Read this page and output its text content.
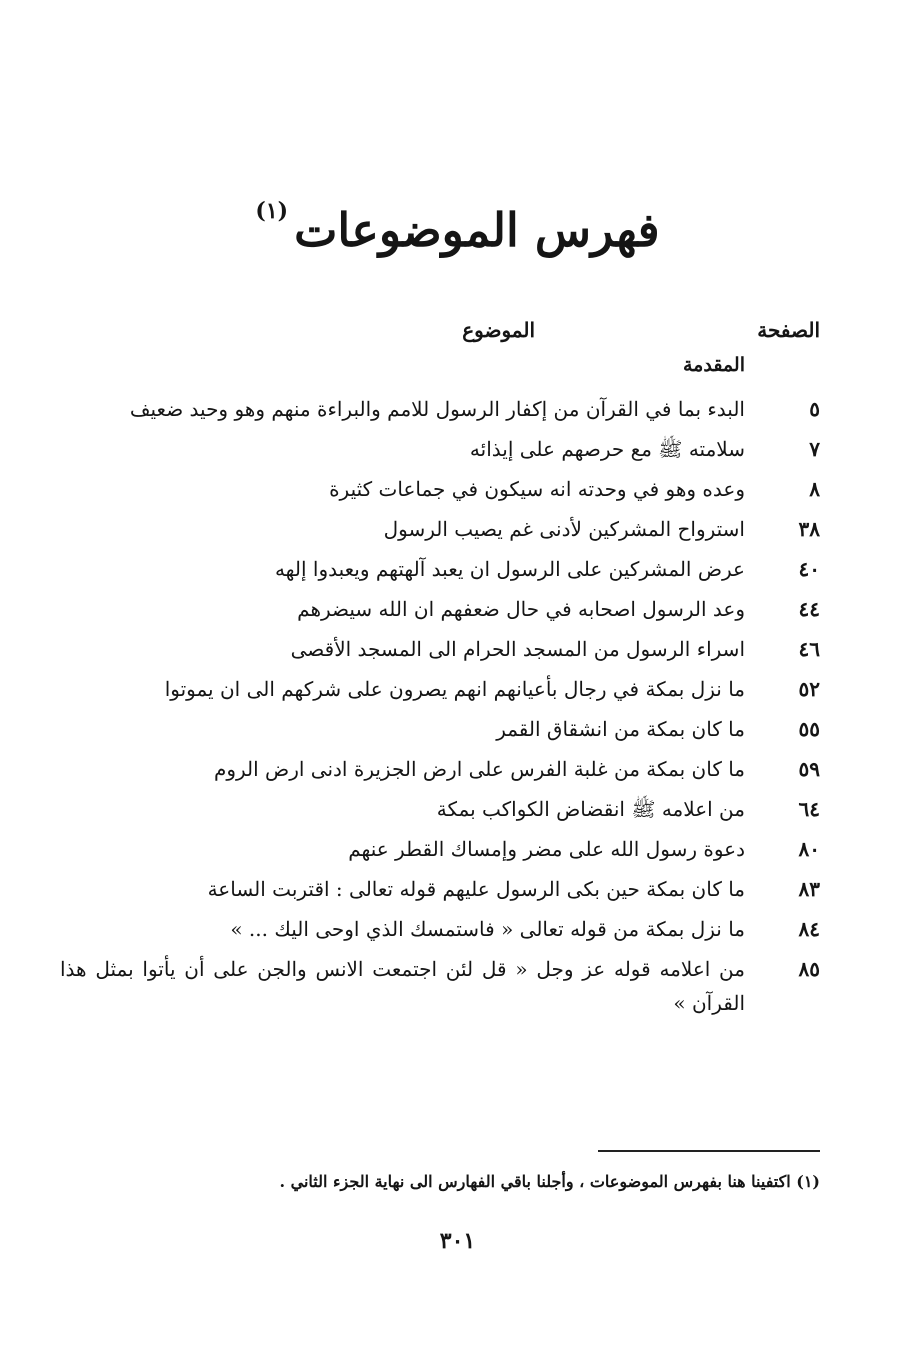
فهرس الموضوعات$^{(١)}$
الصفحة
الموضوع
المقدمة
٥
البدء بما في القرآن من إكفار الرسول للامم والبراءة منهم وهو وحيد ضعيف
٧
سلامته ﷺ مع حرصهم على إيذائه
٨
وعده وهو في وحدته انه سيكون في جماعات كثيرة
٣٨
استرواح المشركين لأدنى غم يصيب الرسول
٤٠
عرض المشركين على الرسول ان يعبد آلهتهم ويعبدوا إلهه
٤٤
وعد الرسول اصحابه في حال ضعفهم ان الله سيضرهم
٤٦
اسراء الرسول من المسجد الحرام الى المسجد الأقصى
٥٢
ما نزل بمكة في رجال بأعيانهم انهم يصرون على شركهم الى ان يموتوا
٥٥
ما كان بمكة من انشقاق القمر
٥٩
ما كان بمكة من غلبة الفرس على ارض الجزيرة ادنى ارض الروم
٦٤
من اعلامه ﷺ انقضاض الكواكب بمكة
٨٠
دعوة رسول الله على مضر وإمساك القطر عنهم
٨٣
ما كان بمكة حين بكى الرسول عليهم قوله تعالى : اقتربت الساعة
٨٤
ما نزل بمكة من قوله تعالى « فاستمسك الذي اوحى اليك ... »
٨٥
من اعلامه قوله عز وجل « قل لئن اجتمعت الانس والجن على أن يأتوا بمثل هذا القرآن »
(١) اكتفينا هنا بفهرس الموضوعات ، وأجلنا باقي الفهارس الى نهاية الجزء الثاني .
٣٠١
